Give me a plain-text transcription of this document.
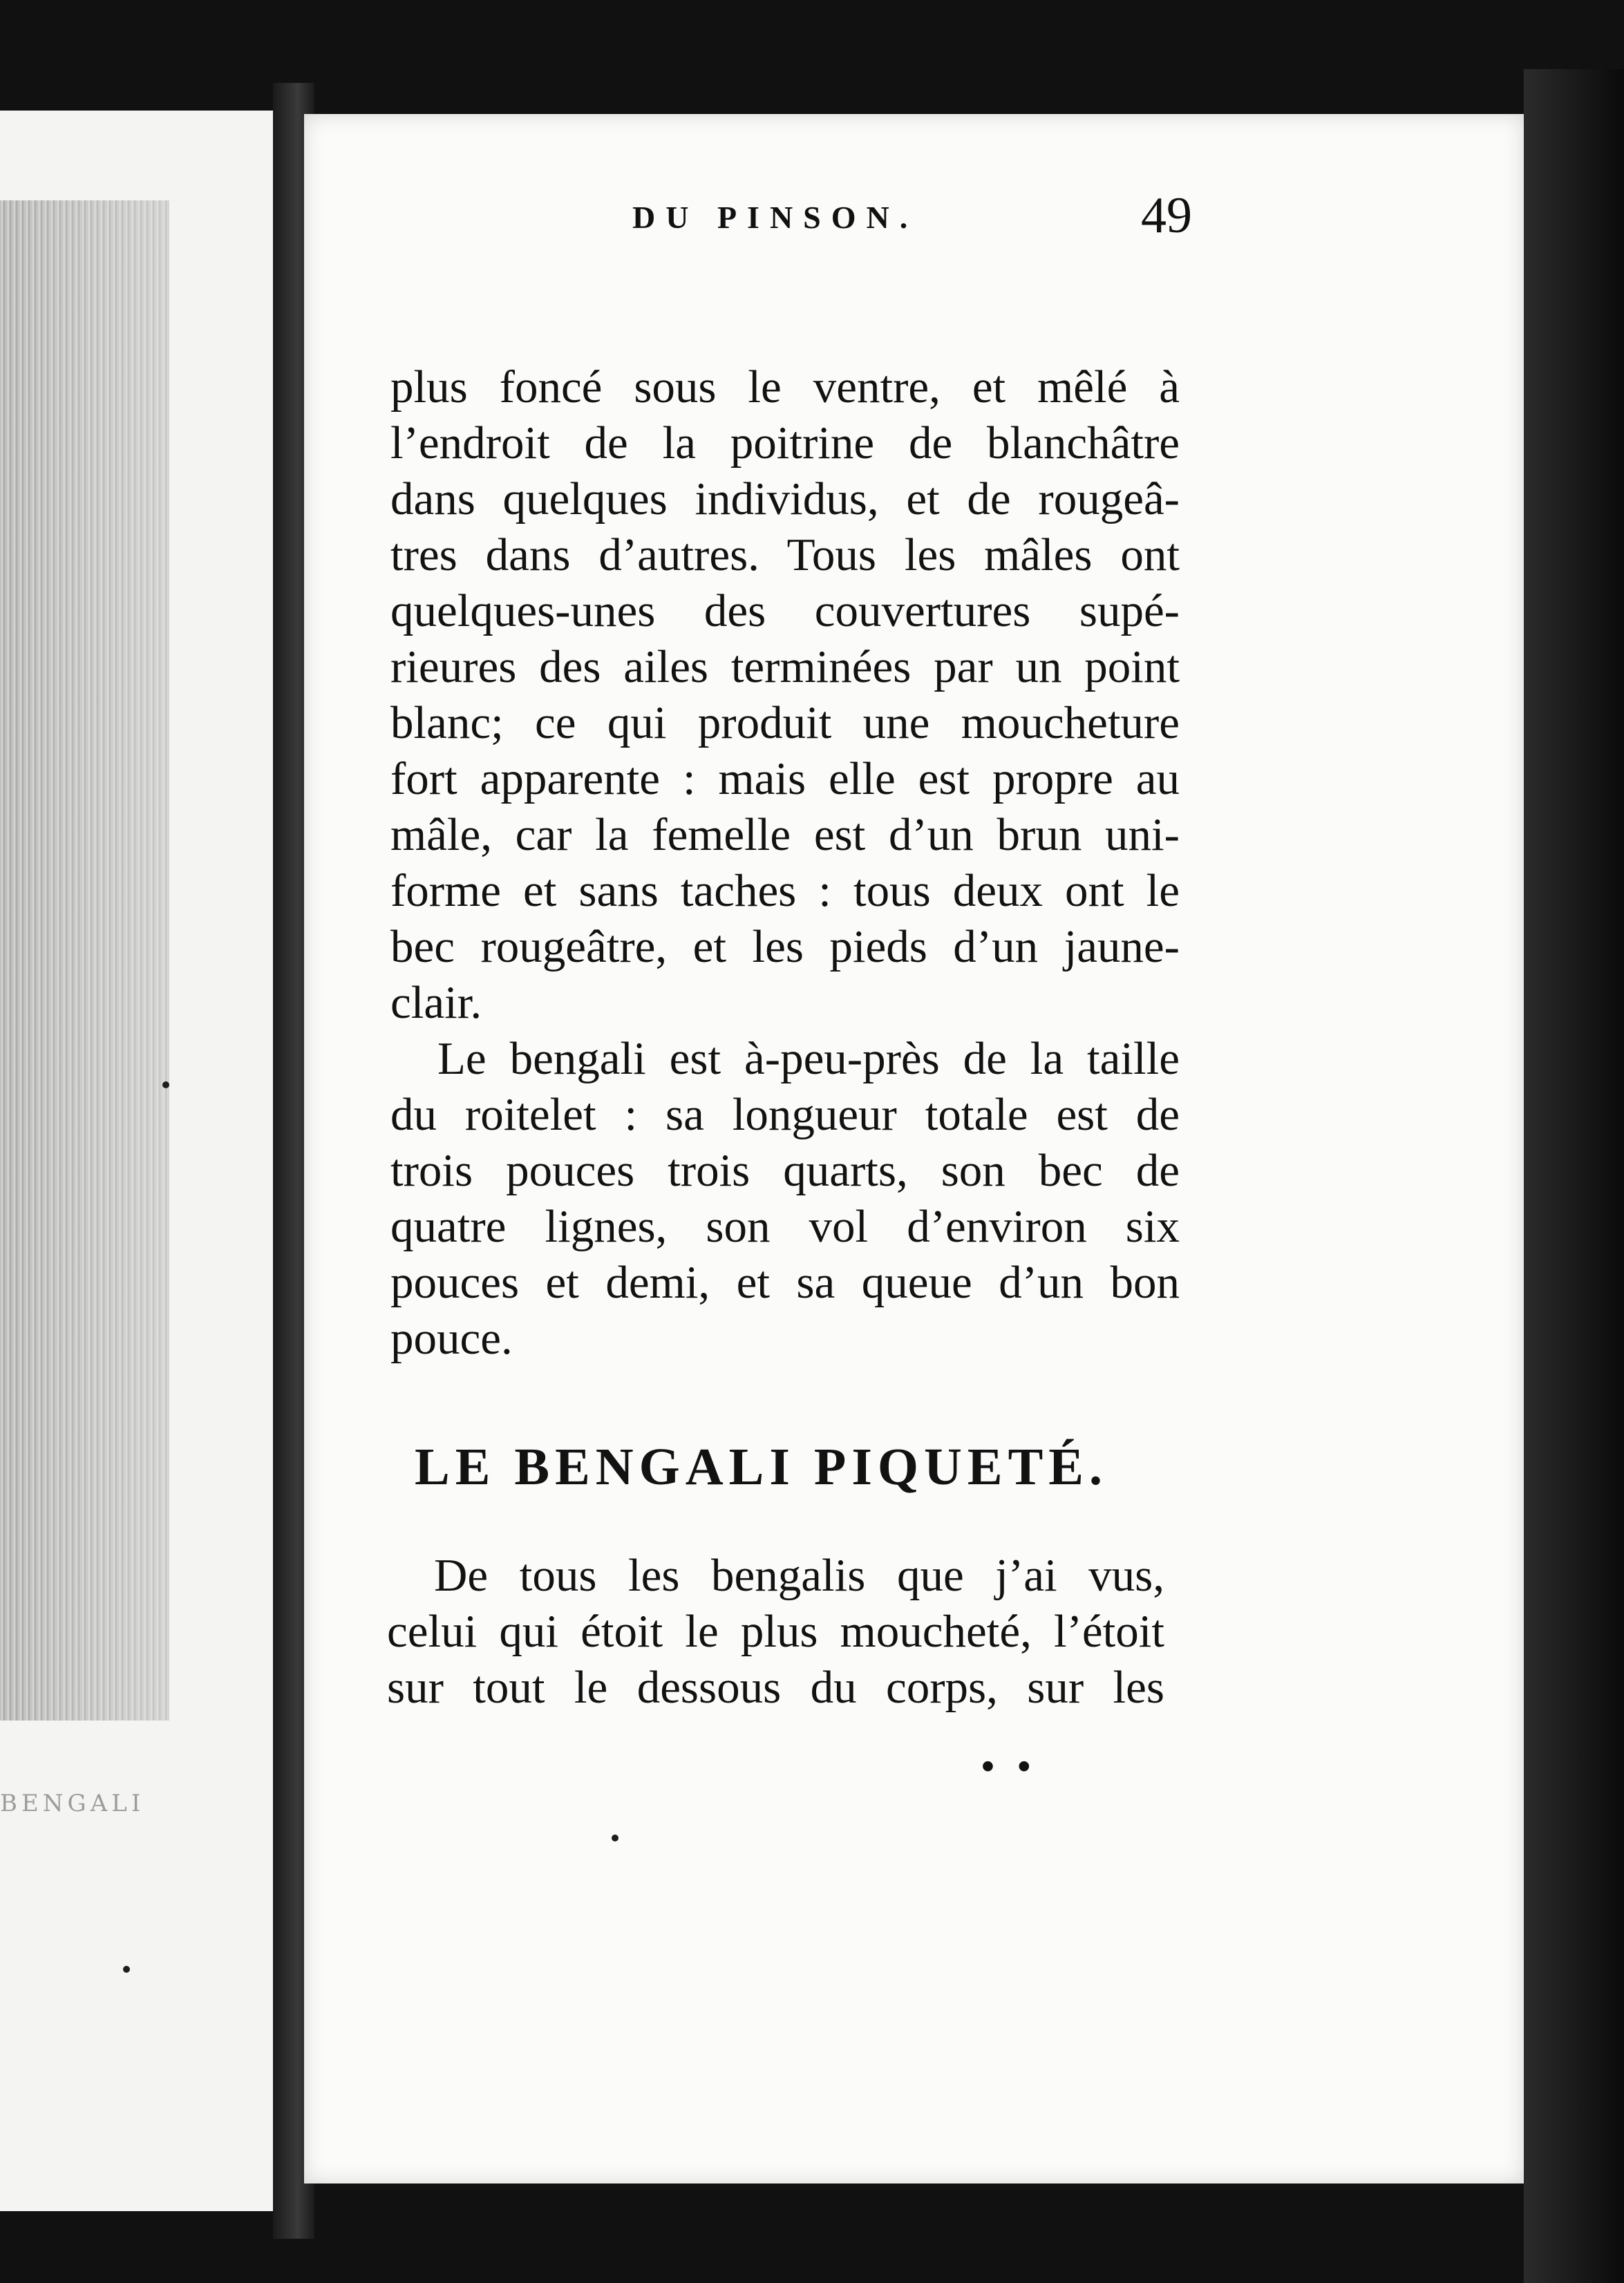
BENGALI
DU PINSON.	49
plus foncé sous le ventre, et mêlé à
l’endroit de la poitrine de blanchâtre
dans quelques individus, et de rougeâ-
tres dans d’autres. Tous les mâles ont
quelques-unes des couvertures supé-
rieures des ailes terminées par un point
blanc; ce qui produit une moucheture
fort apparente : mais elle est propre au
mâle, car la femelle est d’un brun uni-
forme et sans taches : tous deux ont le
bec rougeâtre, et les pieds d’un jaune-
clair.
Le bengali est à-peu-près de la taille
du roitelet : sa longueur totale est de
trois pouces trois quarts, son bec de
quatre lignes, son vol d’environ six
pouces et demi, et sa queue d’un bon
pouce.
LE BENGALI PIQUETÉ.
De tous les bengalis que j’ai vus,
celui qui étoit le plus moucheté, l’étoit
sur tout le dessous du corps, sur les
• •
